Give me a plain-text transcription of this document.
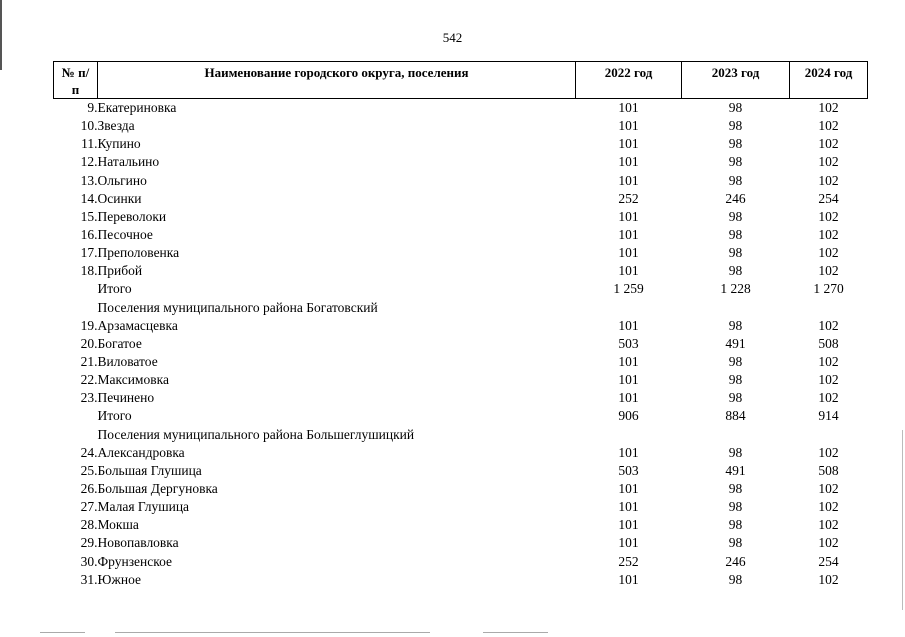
542
№ п/п	Наименование городского округа, поселения	2022 год	2023 год	2024 год
9.	Екатериновка	101	98	102
10.	Звезда	101	98	102
11.	Купино	101	98	102
12.	Натальино	101	98	102
13.	Ольгино	101	98	102
14.	Осинки	252	246	254
15.	Переволоки	101	98	102
16.	Песочное	101	98	102
17.	Преполовенка	101	98	102
18.	Прибой	101	98	102
	Итого	1 259	1 228	1 270
	Поселения муниципального района Богатовский			
19.	Арзамасцевка	101	98	102
20.	Богатое	503	491	508
21.	Виловатое	101	98	102
22.	Максимовка	101	98	102
23.	Печинено	101	98	102
	Итого	906	884	914
	Поселения муниципального района Большеглушицкий			
24.	Александровка	101	98	102
25.	Большая Глушица	503	491	508
26.	Большая Дергуновка	101	98	102
27.	Малая Глушица	101	98	102
28.	Мокша	101	98	102
29.	Новопавловка	101	98	102
30.	Фрунзенское	252	246	254
31.	Южное	101	98	102
